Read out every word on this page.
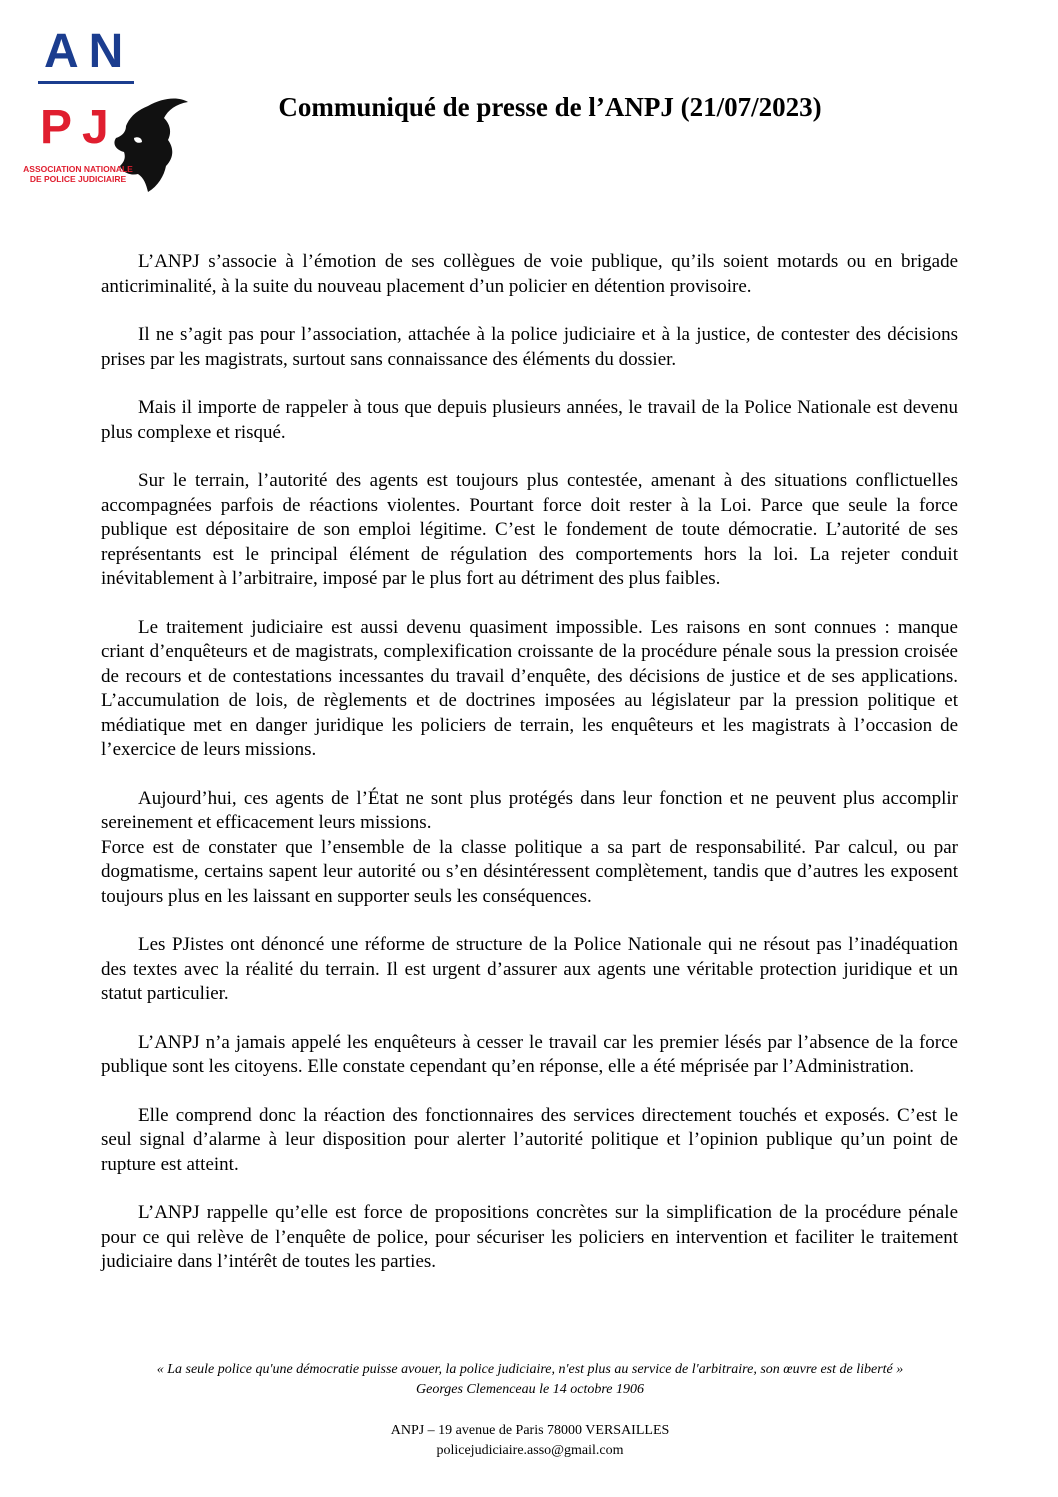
AN
PJ
ASSOCIATION NATIONALE
DE POLICE JUDICIAIRE
Communiqué de presse de l’ANPJ (21/07/2023)

L’ANPJ s’associe à l’émotion de ses collègues de voie publique, qu’ils soient motards ou en brigade anticriminalité, à la suite du nouveau placement d’un policier en détention provisoire.

Il ne s’agit pas pour l’association, attachée à la police judiciaire et à la justice, de contester des décisions prises par les magistrats, surtout sans connaissance des éléments du dossier.

Mais il importe de rappeler à tous que depuis plusieurs années, le travail de la Police Nationale est devenu plus complexe et risqué.

Sur le terrain, l’autorité des agents est toujours plus contestée, amenant à des situations conflictuelles accompagnées parfois de réactions violentes. Pourtant force doit rester à la Loi. Parce que seule la force publique est dépositaire de son emploi légitime. C’est le fondement de toute démocratie. L’autorité de ses représentants est le principal élément de régulation des comportements hors la loi. La rejeter conduit inévitablement à l’arbitraire, imposé par le plus fort au détriment des plus faibles.

Le traitement judiciaire est aussi devenu quasiment impossible. Les raisons en sont connues : manque criant d’enquêteurs et de magistrats, complexification croissante de la procédure pénale sous la pression croisée de recours et de contestations incessantes du travail d’enquête, des décisions de justice et de ses applications. L’accumulation de lois, de règlements et de doctrines imposées au législateur par la pression politique et médiatique met en danger juridique les policiers de terrain, les enquêteurs et les magistrats à l’occasion de l’exercice de leurs missions.

Aujourd’hui, ces agents de l’État ne sont plus protégés dans leur fonction et ne peuvent plus accomplir sereinement et efficacement leurs missions.
Force est de constater que l’ensemble de la classe politique a sa part de responsabilité. Par calcul, ou par dogmatisme, certains sapent leur autorité ou s’en désintéressent complètement, tandis que d’autres les exposent toujours plus en les laissant en supporter seuls les conséquences.

Les PJistes ont dénoncé une réforme de structure de la Police Nationale qui ne résout pas l’inadéquation des textes avec la réalité du terrain. Il est urgent d’assurer aux agents une véritable protection juridique et un statut particulier.

L’ANPJ n’a jamais appelé les enquêteurs à cesser le travail car les premier lésés par l’absence de la force publique sont les citoyens. Elle constate cependant qu’en réponse, elle a été méprisée par l’Administration.

Elle comprend donc la réaction des fonctionnaires des services directement touchés et exposés. C’est le seul signal d’alarme à leur disposition pour alerter l’autorité politique et l’opinion publique qu’un point de rupture est atteint.

L’ANPJ rappelle qu’elle est force de propositions concrètes sur la simplification de la procédure pénale pour ce qui relève de l’enquête de police, pour sécuriser les policiers en intervention et faciliter le traitement judiciaire dans l’intérêt de toutes les parties.

« La seule police qu'une démocratie puisse avouer, la police judiciaire, n'est plus au service de l'arbitraire, son œuvre est de liberté »
Georges Clemenceau le 14 octobre 1906
ANPJ – 19 avenue de Paris 78000 VERSAILLES
policejudiciaire.asso@gmail.com
